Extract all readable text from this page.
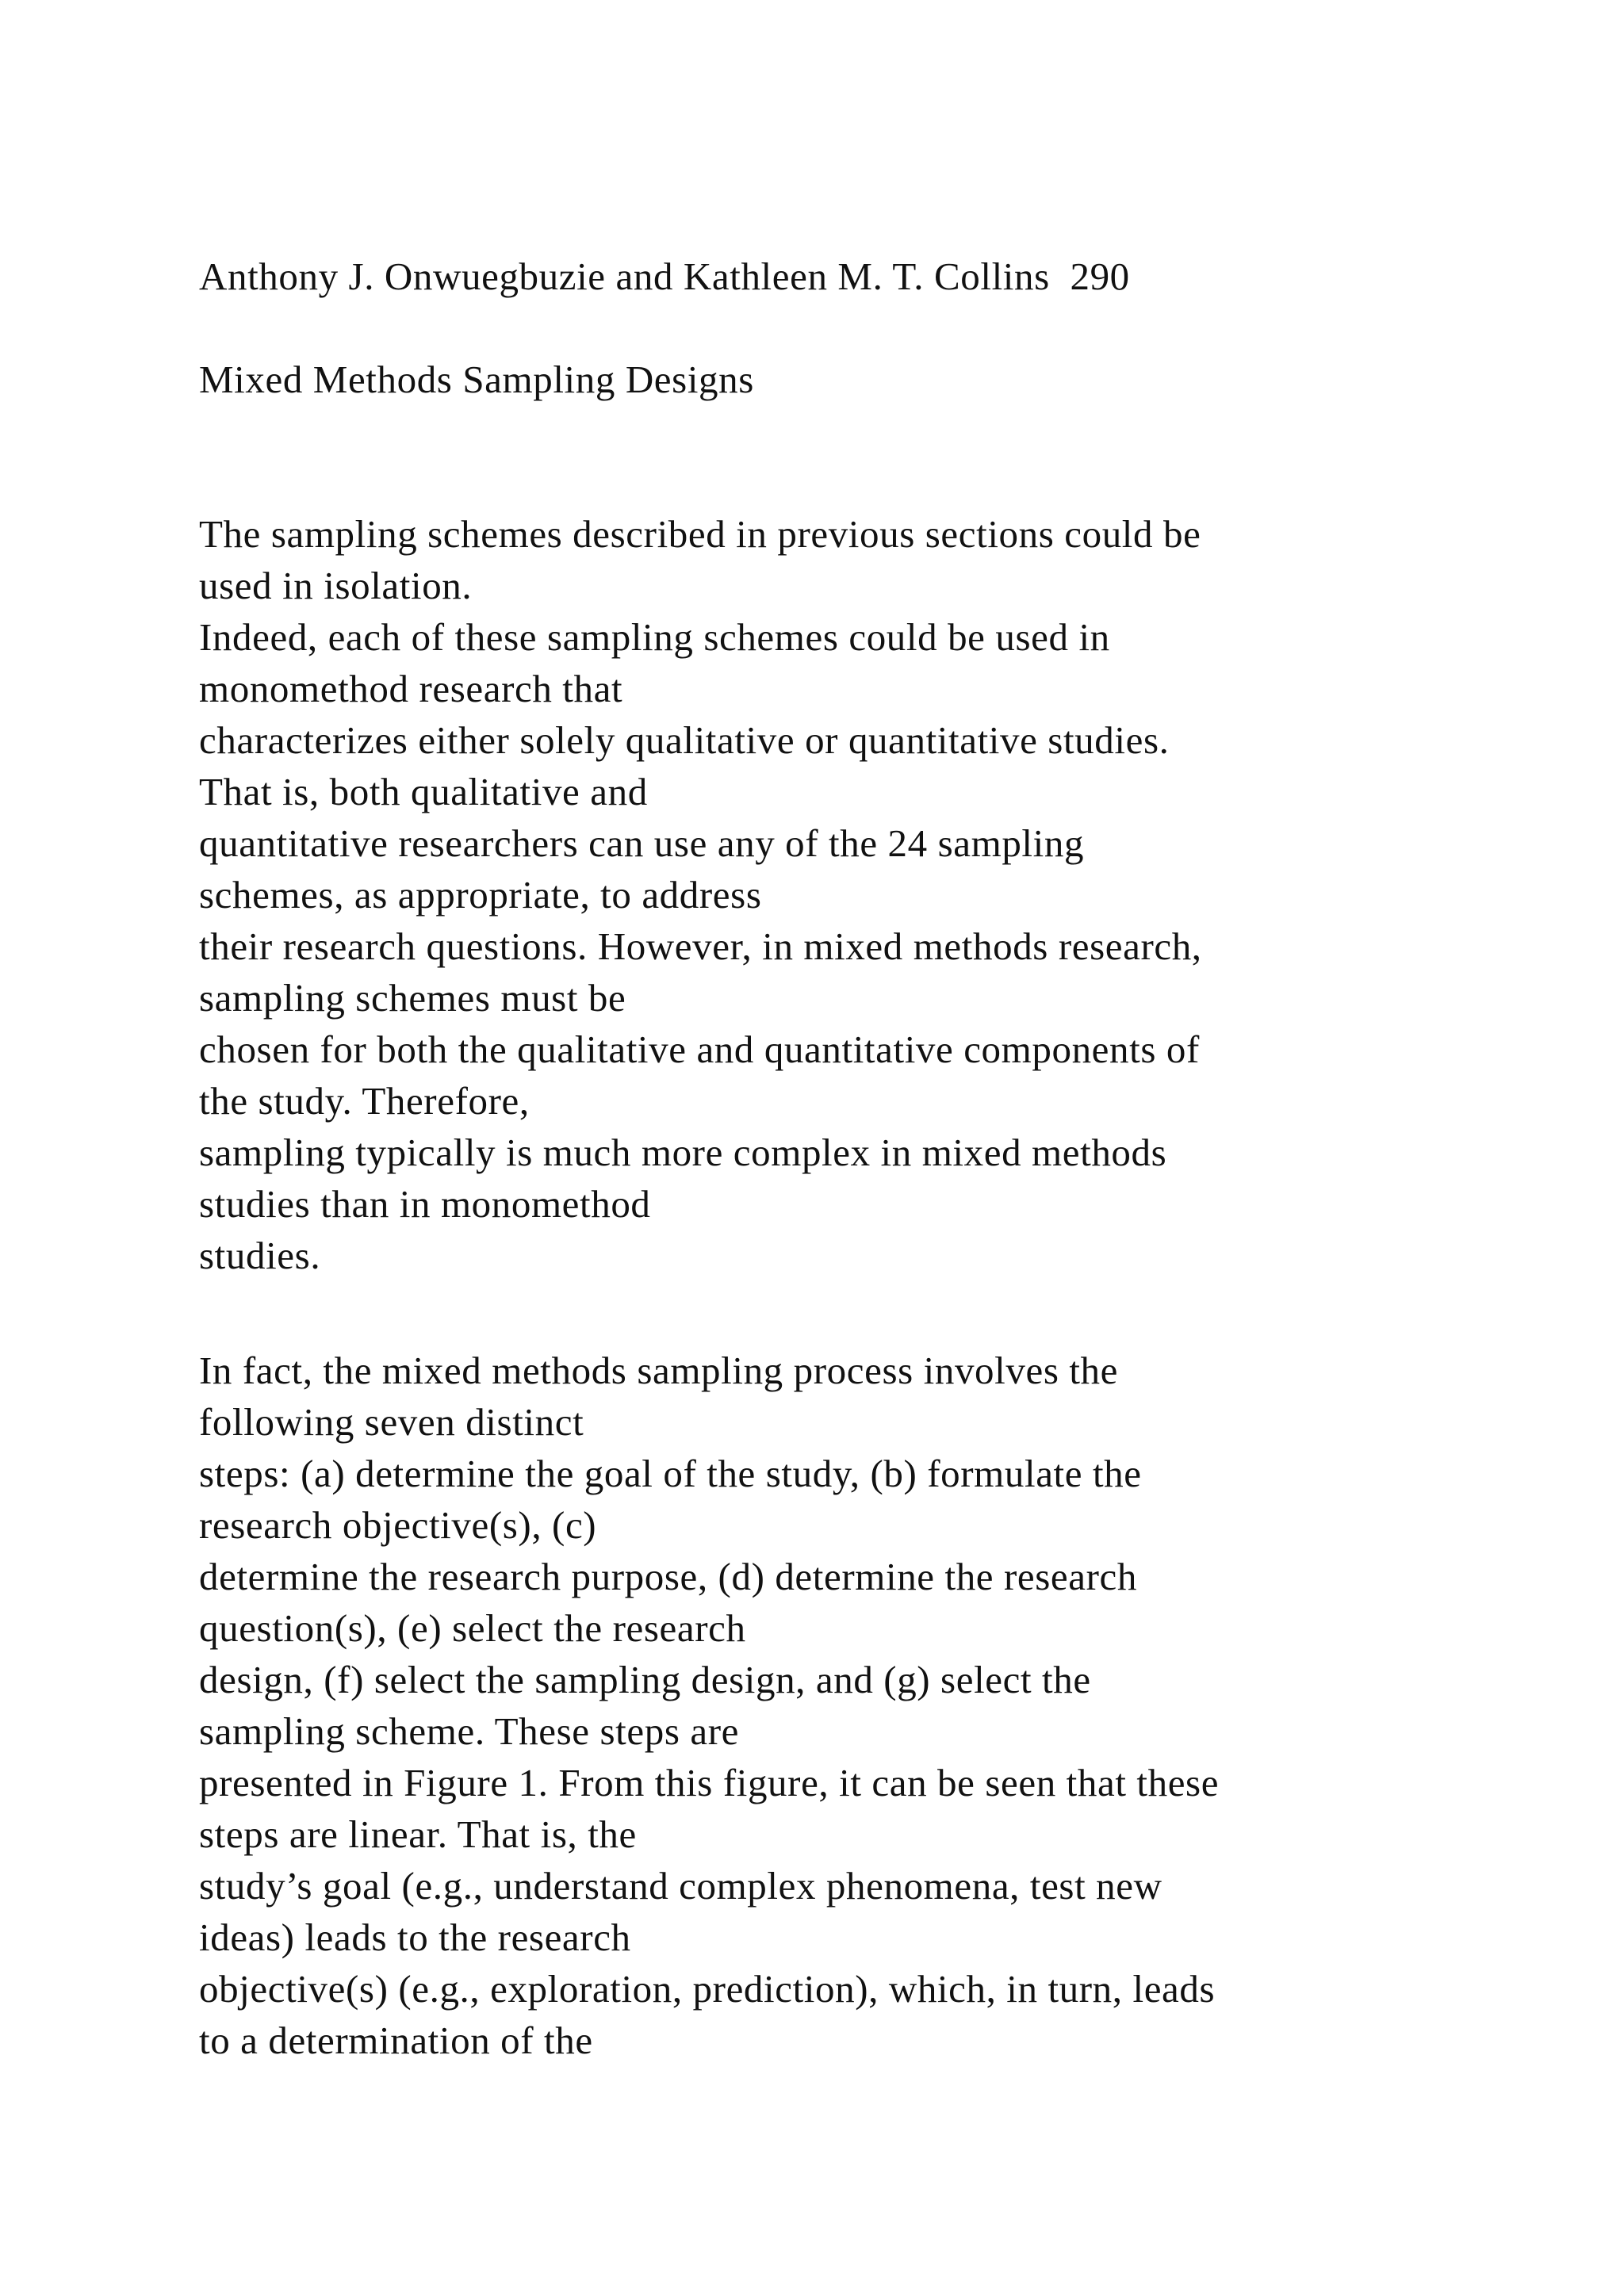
Anthony J. Onwuegbuzie and Kathleen M. T. Collins  290
Mixed Methods Sampling Designs
The sampling schemes described in previous sections could be
used in isolation.
Indeed, each of these sampling schemes could be used in
monomethod research that
characterizes either solely qualitative or quantitative studies.
That is, both qualitative and
quantitative researchers can use any of the 24 sampling
schemes, as appropriate, to address
their research questions. However, in mixed methods research,
sampling schemes must be
chosen for both the qualitative and quantitative components of
the study. Therefore,
sampling typically is much more complex in mixed methods
studies than in monomethod
studies.
In fact, the mixed methods sampling process involves the
following seven distinct
steps: (a) determine the goal of the study, (b) formulate the
research objective(s), (c)
determine the research purpose, (d) determine the research
question(s), (e) select the research
design, (f) select the sampling design, and (g) select the
sampling scheme. These steps are
presented in Figure 1. From this figure, it can be seen that these
steps are linear. That is, the
study’s goal (e.g., understand complex phenomena, test new
ideas) leads to the research
objective(s) (e.g., exploration, prediction), which, in turn, leads
to a determination of the
